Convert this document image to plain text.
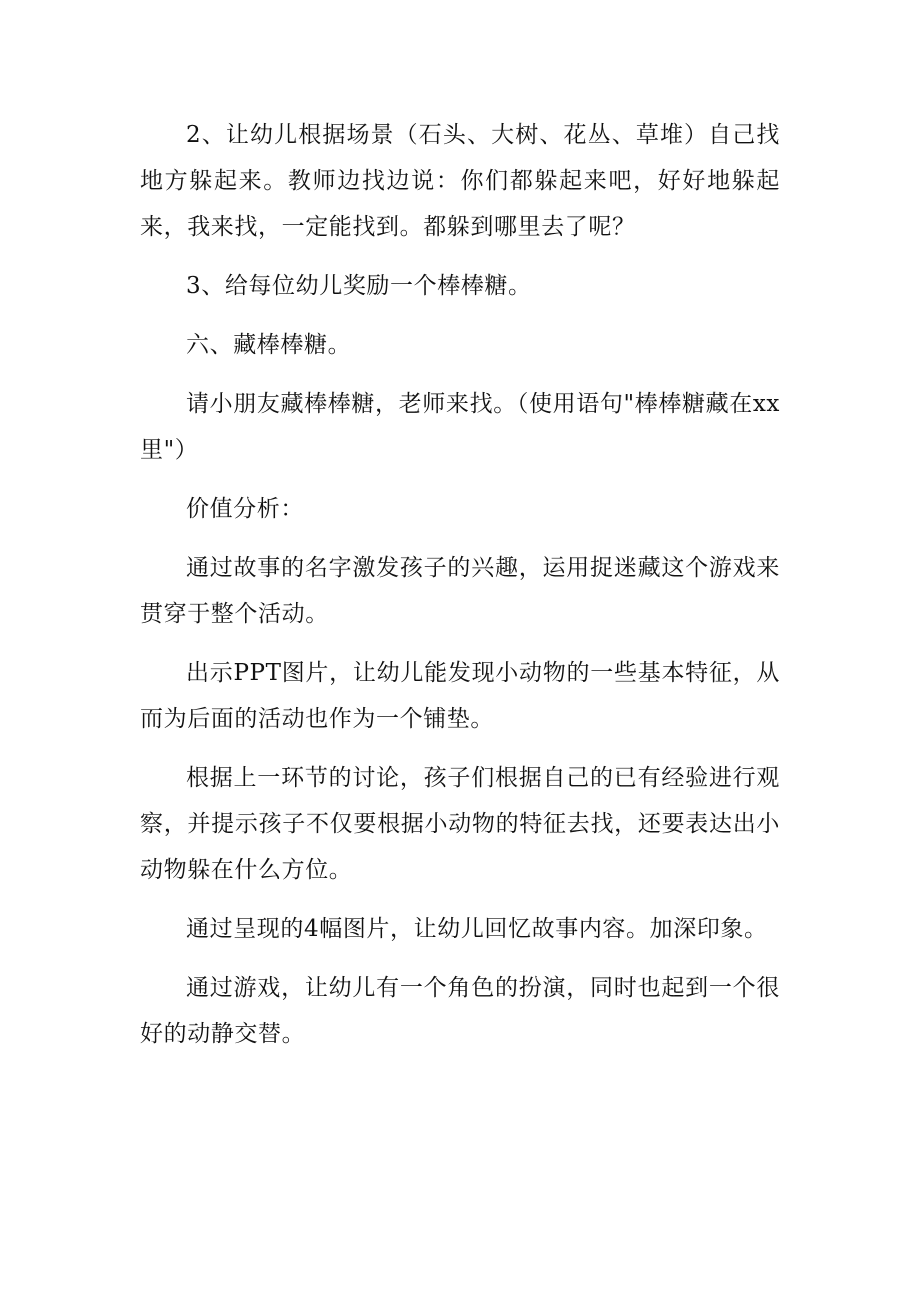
2、让幼儿根据场景（石头、大树、花丛、草堆）自己找地方躲起来。教师边找边说：你们都躲起来吧，好好地躲起来，我来找，一定能找到。都躲到哪里去了呢？

3、给每位幼儿奖励一个棒棒糖。

六、藏棒棒糖。

请小朋友藏棒棒糖，老师来找。（使用语句"棒棒糖藏在xx里"）

价值分析：

通过故事的名字激发孩子的兴趣，运用捉迷藏这个游戏来贯穿于整个活动。

出示PPT图片，让幼儿能发现小动物的一些基本特征，从而为后面的活动也作为一个铺垫。

根据上一环节的讨论，孩子们根据自己的已有经验进行观察，并提示孩子不仅要根据小动物的特征去找，还要表达出小动物躲在什么方位。

通过呈现的4幅图片，让幼儿回忆故事内容。加深印象。

通过游戏，让幼儿有一个角色的扮演，同时也起到一个很好的动静交替。
